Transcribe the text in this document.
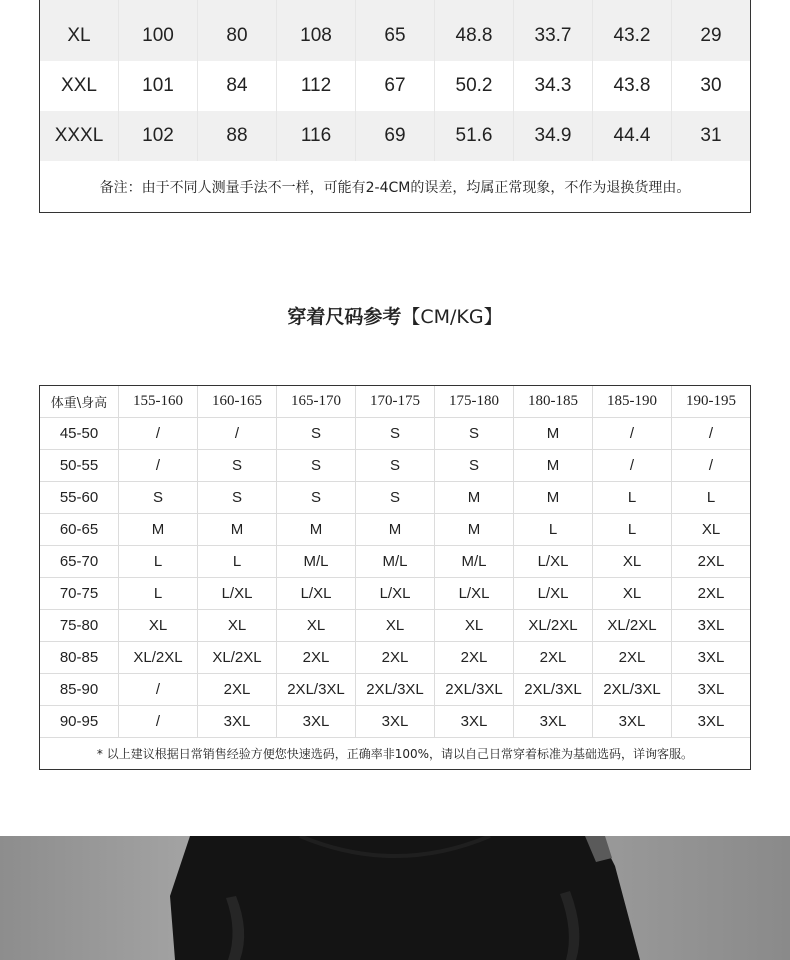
XL	100	80	108	65	48.8	33.7	43.2	29
XXL	101	84	112	67	50.2	34.3	43.8	30
XXXL	102	88	116	69	51.6	34.9	44.4	31
备注：由于不同人测量手法不一样，可能有2-4CM的误差，均属正常现象，不作为退换货理由。
穿着尺码参考【CM/KG】
体重\身高	155-160	160-165	165-170	170-175	175-180	180-185	185-190	190-195
45-50	/	/	S	S	S	M	/	/
50-55	/	S	S	S	S	M	/	/
55-60	S	S	S	S	M	M	L	L
60-65	M	M	M	M	M	L	L	XL
65-70	L	L	M/L	M/L	M/L	L/XL	XL	2XL
70-75	L	L/XL	L/XL	L/XL	L/XL	L/XL	XL	2XL
75-80	XL	XL	XL	XL	XL	XL/2XL	XL/2XL	3XL
80-85	XL/2XL	XL/2XL	2XL	2XL	2XL	2XL	2XL	3XL
85-90	/	2XL	2XL/3XL	2XL/3XL	2XL/3XL	2XL/3XL	2XL/3XL	3XL
90-95	/	3XL	3XL	3XL	3XL	3XL	3XL	3XL
* 以上建议根据日常销售经验方便您快速选码，正确率非100%，请以自己日常穿着标准为基础选码，详询客服。
